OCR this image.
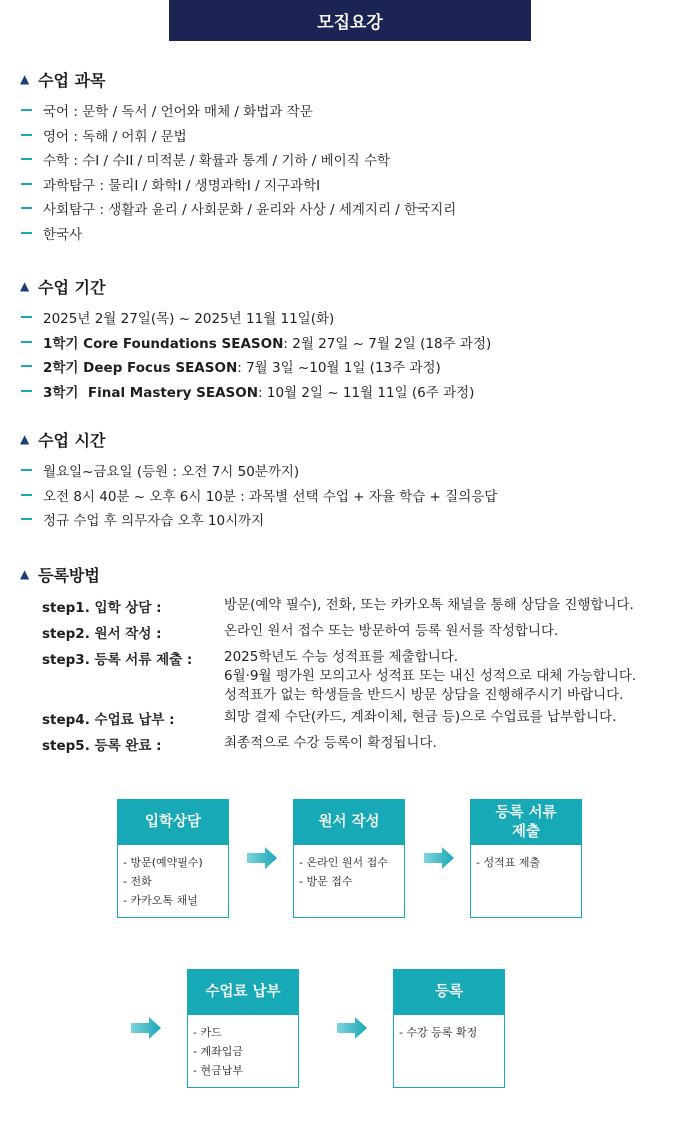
모집요강
▲ 수업 과목
국어 : 문학 / 독서 / 언어와 매체 / 화법과 작문
영어 : 독해 / 어휘 / 문법
수학 : 수I / 수II / 미적분 / 확률과 통계 / 기하 / 베이직 수학
과학탐구 : 물리I / 화학I / 생명과학I / 지구과학I
사회탐구 : 생활과 윤리 / 사회문화 / 윤리와 사상 / 세계지리 / 한국지리
한국사
▲ 수업 기간
2025년 2월 27일(목) ~ 2025년 11월 11일(화)
1학기 Core Foundations SEASON : 2월 27일 ~ 7월 2일 (18주 과정)
2학기 Deep Focus SEASON : 7월 3일 ~10월 1일 (13주 과정)
3학기  Final Mastery SEASON : 10월 2일 ~ 11월 11일 (6주 과정)
▲ 수업 시간
월요일~금요일 (등원 : 오전 7시 50분까지)
오전 8시 40분 ~ 오후 6시 10분 : 과목별 선택 수업 + 자율 학습 + 질의응답
정규 수업 후 의무자습 오후 10시까지
▲ 등록방법
step1. 입학 상담 :	방문(예약 필수), 전화, 또는 카카오톡 채널을 통해 상담을 진행합니다.
step2. 원서 작성 :	온라인 원서 접수 또는 방문하여 등록 원서를 작성합니다.
step3. 등록 서류 제출 :	2025학년도 수능 성적표를 제출합니다.
6월·9월 평가원 모의고사 성적표 또는 내신 성적으로 대체 가능합니다.
성적표가 없는 학생들을 반드시 방문 상담을 진행해주시기 바랍니다.
step4. 수업료 납부 :	희망 결제 수단(카드, 계좌이체, 현금 등)으로 수업료를 납부합니다.
step5. 등록 완료 :	최종적으로 수강 등록이 확정됩니다.
입학상담
- 방문(예약필수)
- 전화
- 카카오톡 채널
원서 작성
- 온라인 원서 접수
- 방문 접수
등록 서류
제출
- 성적표 제출
수업료 납부
- 카드
- 계좌입금
- 현금납부
등록
- 수강 등록 확정
